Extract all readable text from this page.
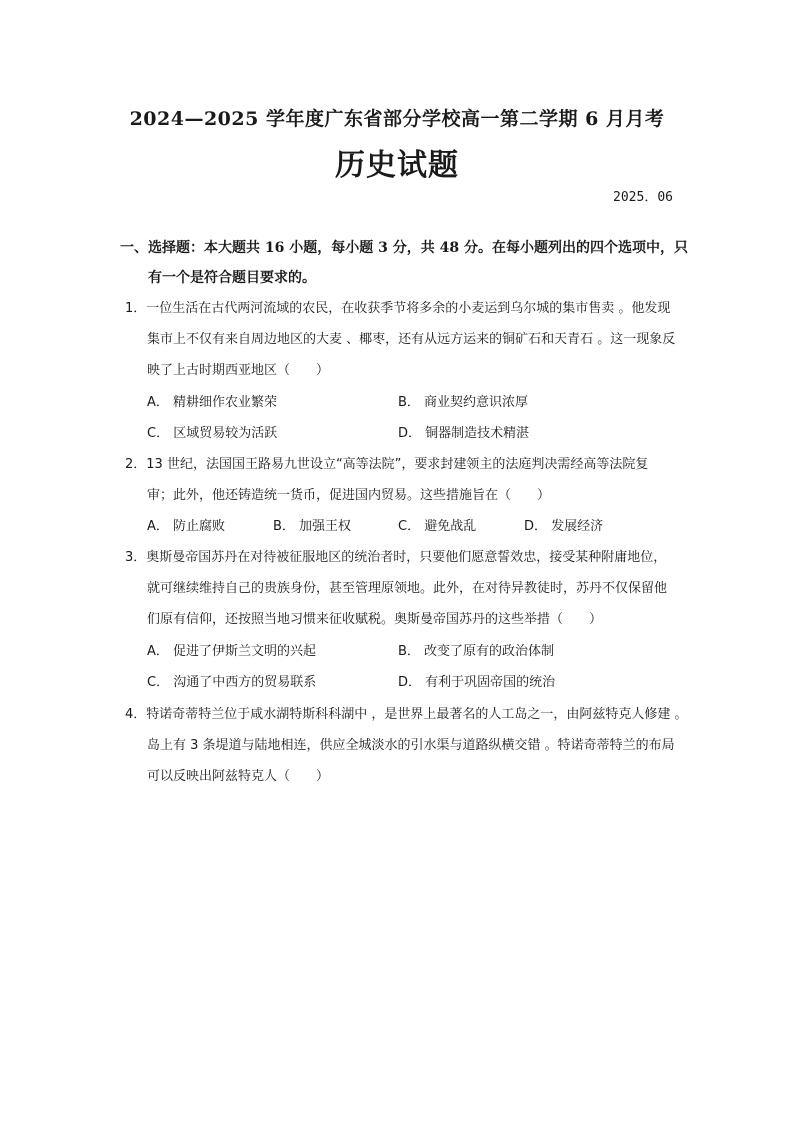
2024—2025 学年度广东省部分学校高一第二学期 6 月月考
历史试题
2025．06
一、选择题：本大题共 16 小题，每小题 3 分，共 48 分。在每小题列出的四个选项中，只
有一个是符合题目要求的。
1．一位生活在古代两河流域的农民，在收获季节将多余的小麦运到乌尔城的集市售卖 。他发现
集市上不仅有来自周边地区的大麦 、椰枣，还有从远方运来的铜矿石和天青石 。这一现象反
映了上古时期西亚地区（　　）
A． 精耕细作农业繁荣	B． 商业契约意识浓厚
C． 区域贸易较为活跃	D． 铜器制造技术精湛
2．13 世纪，法国国王路易九世设立“高等法院”，要求封建领主的法庭判决需经高等法院复
审；此外，他还铸造统一货币，促进国内贸易。这些措施旨在（　　）
A． 防止腐败	B． 加强王权	C． 避免战乱	D． 发展经济
3．奥斯曼帝国苏丹在对待被征服地区的统治者时，只要他们愿意誓效忠，接受某种附庸地位，
就可继续维持自己的贵族身份，甚至管理原领地。此外，在对待异教徒时，苏丹不仅保留他
们原有信仰，还按照当地习惯来征收赋税。奥斯曼帝国苏丹的这些举措（　　）
A． 促进了伊斯兰文明的兴起	B． 改变了原有的政治体制
C． 沟通了中西方的贸易联系	D． 有利于巩固帝国的统治
4．特诺奇蒂特兰位于咸水湖特斯科科湖中 ，是世界上最著名的人工岛之一，由阿兹特克人修建 。
岛上有 3 条堤道与陆地相连，供应全城淡水的引水渠与道路纵横交错 。特诺奇蒂特兰的布局
可以反映出阿兹特克人（　　）
